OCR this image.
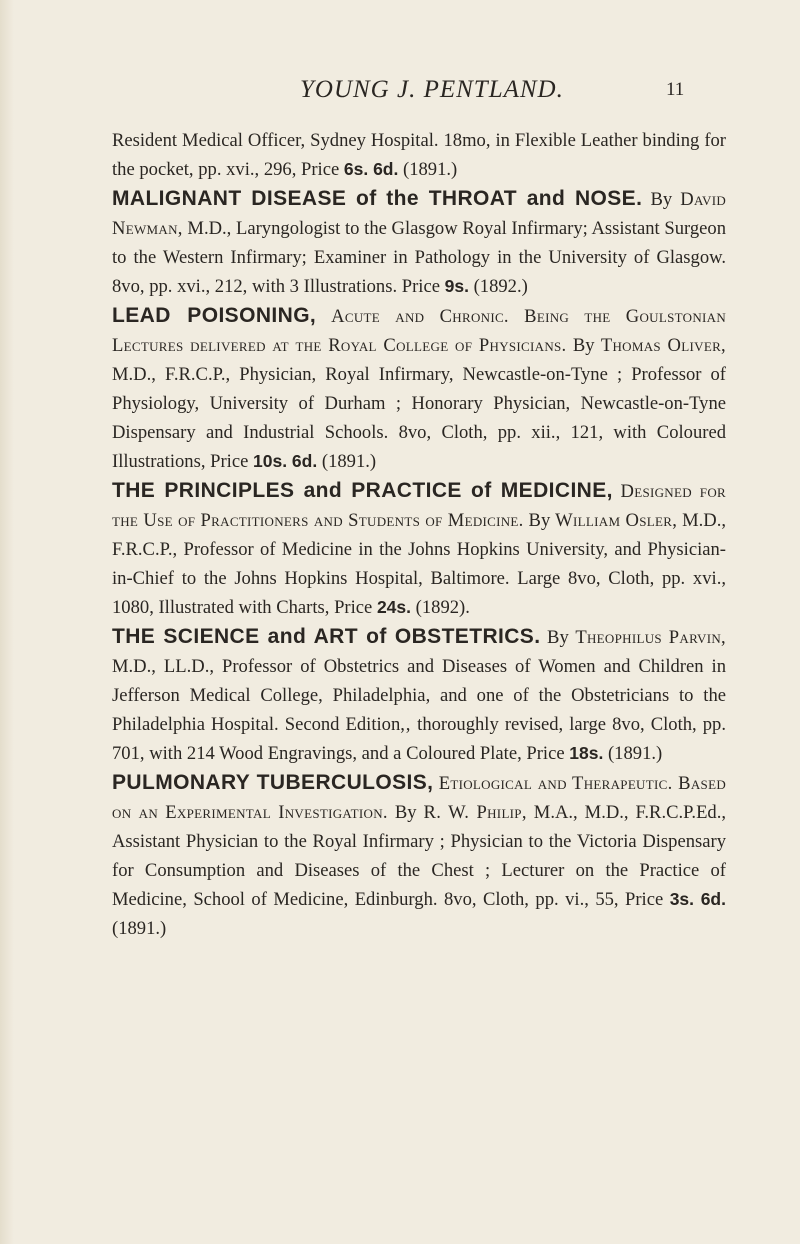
YOUNG J. PENTLAND.	11

Resident Medical Officer, Sydney Hospital. 18mo, in Flexible Leather binding for the pocket, pp. xvi., 296, Price 6s. 6d. (1891.)

MALIGNANT DISEASE of the THROAT and NOSE. By David Newman, M.D., Laryngologist to the Glasgow Royal Infirmary; Assistant Surgeon to the Western Infirmary; Examiner in Pathology in the University of Glasgow. 8vo, pp. xvi., 212, with 3 Illustrations. Price 9s. (1892.)

LEAD POISONING, Acute and Chronic. Being the Goulstonian Lectures delivered at the Royal College of Physicians. By Thomas Oliver, M.D., F.R.C.P., Physician, Royal Infirmary, Newcastle-on-Tyne ; Professor of Physiology, University of Durham ; Honorary Physician, Newcastle-on-Tyne Dispensary and Industrial Schools. 8vo, Cloth, pp. xii., 121, with Coloured Illustrations, Price 10s. 6d. (1891.)

THE PRINCIPLES and PRACTICE of MEDICINE, Designed for the Use of Practitioners and Students of Medicine. By William Osler, M.D., F.R.C.P., Professor of Medicine in the Johns Hopkins University, and Physician-in-Chief to the Johns Hopkins Hospital, Baltimore. Large 8vo, Cloth, pp. xvi., 1080, Illustrated with Charts, Price 24s. (1892).

THE SCIENCE and ART of OBSTETRICS. By Theophilus Parvin, M.D., LL.D., Professor of Obstetrics and Diseases of Women and Children in Jefferson Medical College, Philadelphia, and one of the Obstetricians to the Philadelphia Hospital. Second Edition,‚ thoroughly revised, large 8vo, Cloth, pp. 701, with 214 Wood Engravings, and a Coloured Plate, Price 18s. (1891.)

PULMONARY TUBERCULOSIS, Etiological and Therapeutic. Based on an Experimental Investigation. By R. W. Philip, M.A., M.D., F.R.C.P.Ed., Assistant Physician to the Royal Infirmary ; Physician to the Victoria Dispensary for Consumption and Diseases of the Chest ; Lecturer on the Practice of Medicine, School of Medicine, Edinburgh. 8vo, Cloth, pp. vi., 55, Price 3s. 6d. (1891.)
